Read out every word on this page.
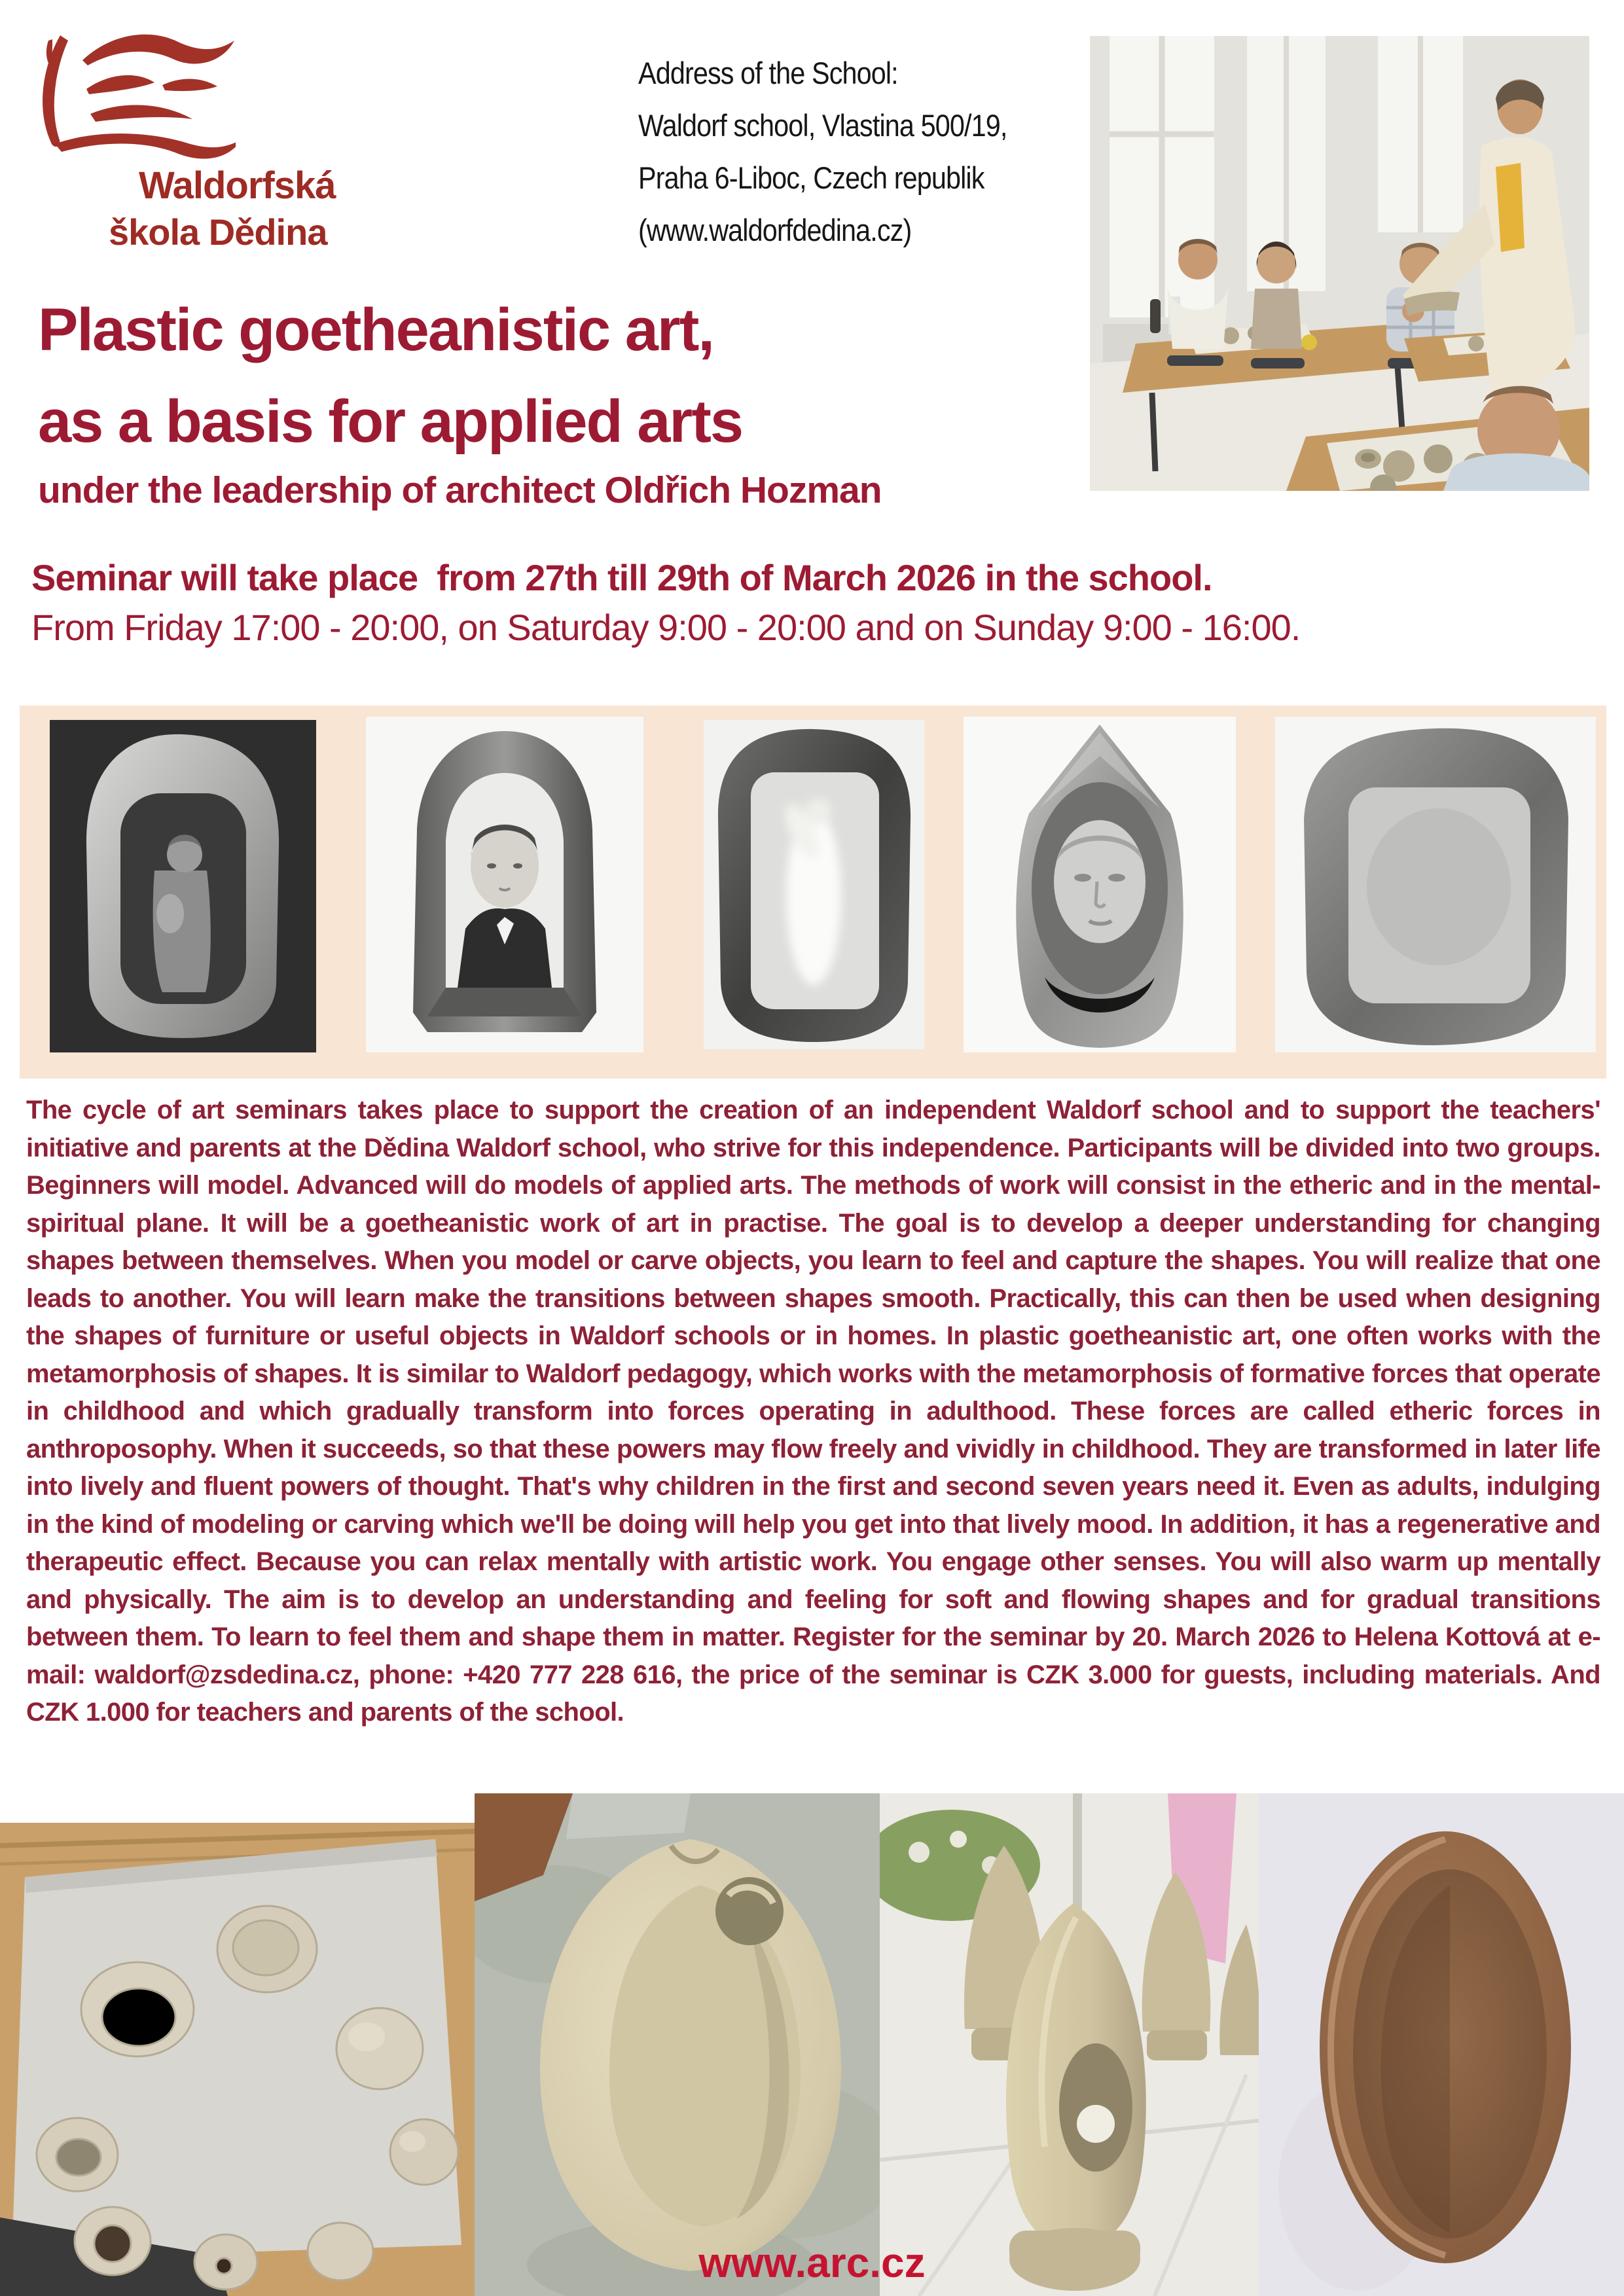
Waldorfská
škola Dědina
Address of the School:
Waldorf school, Vlastina 500/19,
Praha 6-Liboc, Czech republik
(www.waldorfdedina.cz)
Plastic goetheanistic art,
as a basis for applied arts
under the leadership of architect Oldřich Hozman
Seminar will take place  from 27th till 29th of March 2026 in the school.
From Friday 17:00 - 20:00, on Saturday 9:00 - 20:00 and on Sunday 9:00 - 16:00.

The cycle of art seminars takes place to support the creation of an independent Waldorf school and to support the teachers' initiative and parents at the Dědina Waldorf school, who strive for this independence. Participants will be divided into two groups. Beginners will model. Advanced will do models of applied arts. The methods of work will consist in the etheric and in the mental-spiritual plane. It will be a goetheanistic work of art in practise. The goal is to develop a deeper understanding for changing shapes between themselves. When you model or carve objects, you learn to feel and capture the shapes. You will realize that one leads to another. You will learn make the transitions between shapes smooth. Practically, this can then be used when designing the shapes of furniture or useful objects in Waldorf schools or in homes. In plastic goetheanistic art, one often works with the metamorphosis of shapes. It is similar to Waldorf pedagogy, which works with the metamorphosis of formative forces that operate in childhood and which gradually transform into forces operating in adulthood. These forces are called etheric forces in anthroposophy. When it succeeds, so that these powers may flow freely and vividly in childhood. They are transformed in later life into lively and fluent powers of thought. That's why children in the first and second seven years need it. Even as adults, indulging in the kind of modeling or carving which we'll be doing will help you get into that lively mood. In addition, it has a regenerative and therapeutic effect. Because you can relax mentally with artistic work. You engage other senses. You will also warm up mentally and physically. The aim is to develop an understanding and feeling for soft and flowing shapes and for gradual transitions between them. To learn to feel them and shape them in matter. Register for the seminar by 20. March 2026 to Helena Kottová at e-mail: waldorf@zsdedina.cz, phone: +420 777 228 616, the price of the seminar is CZK 3.000 for guests, including materials. And CZK 1.000 for teachers and parents of the school.

www.arc.cz
